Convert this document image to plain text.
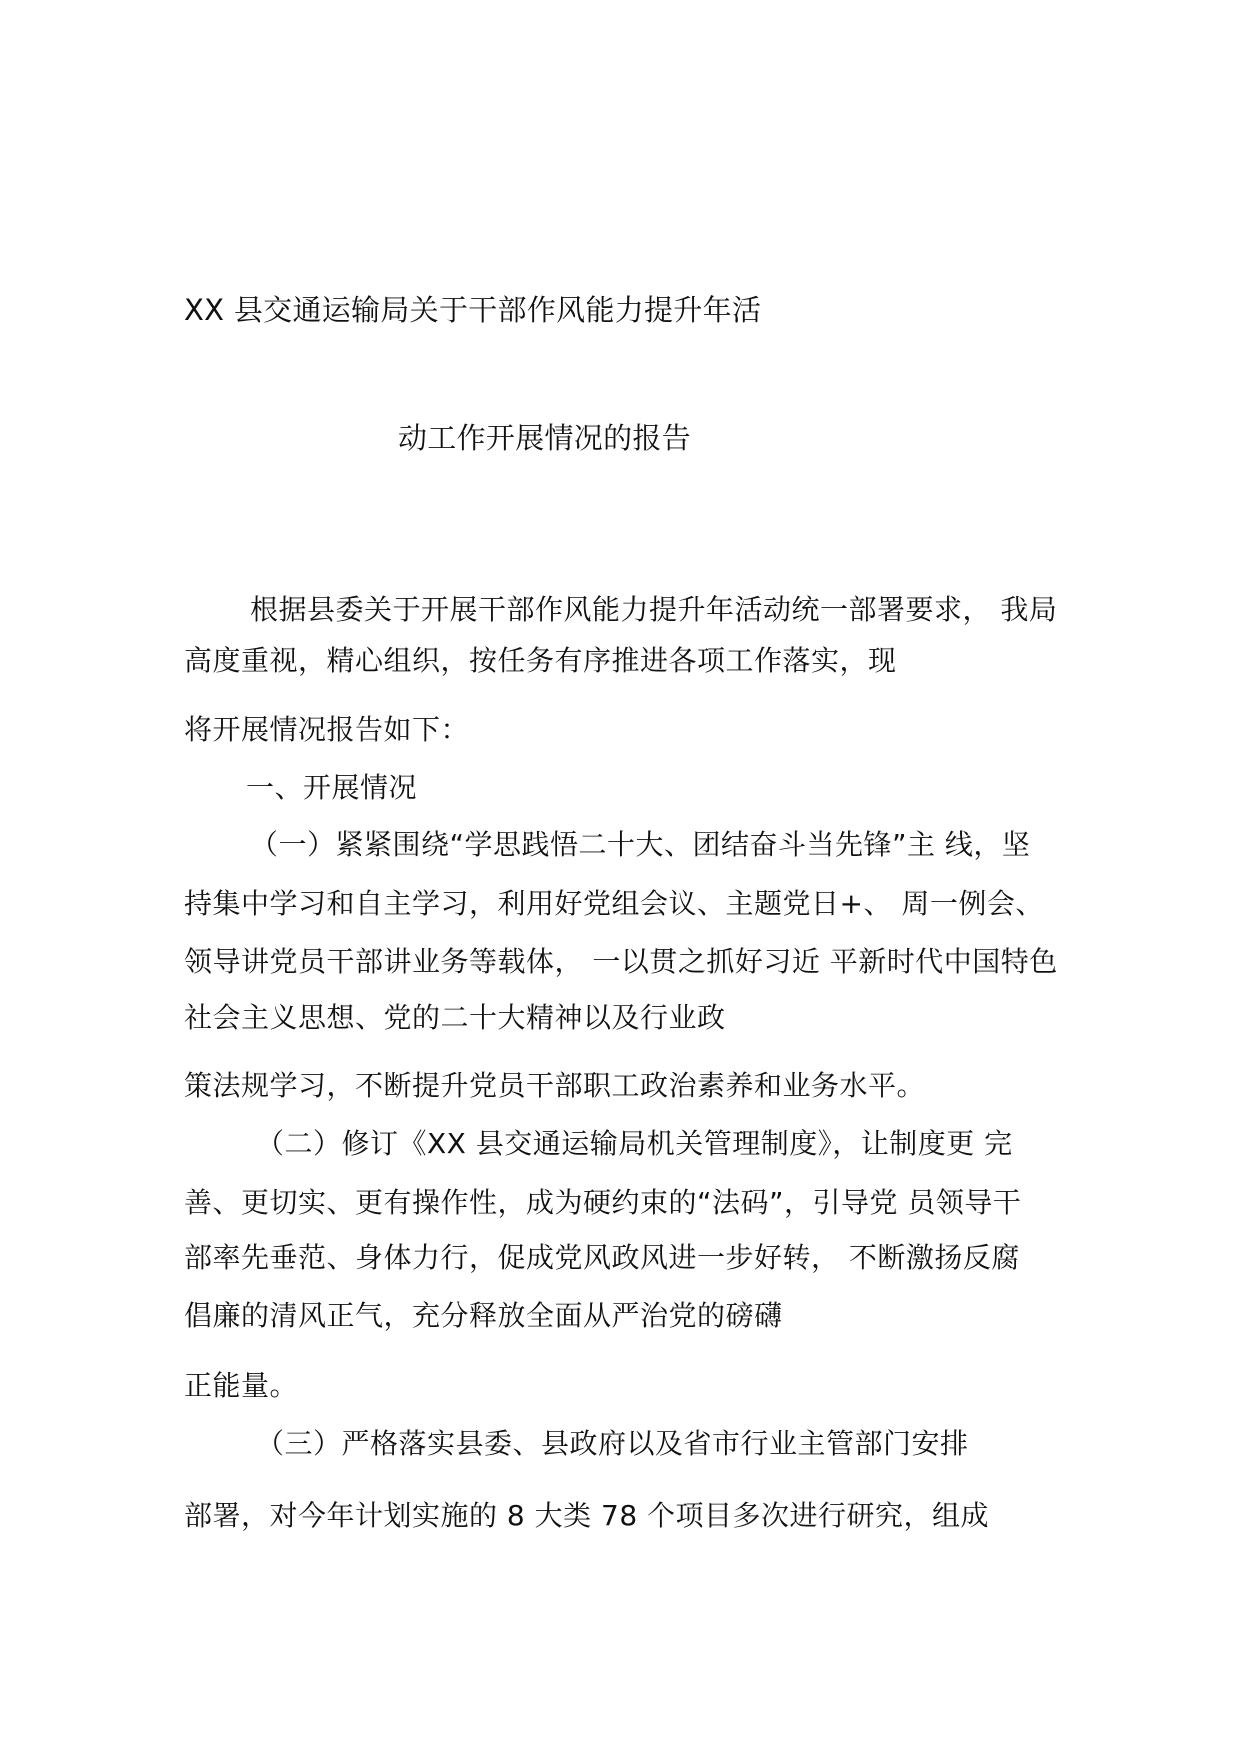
XX 县交通运输局关于干部作风能力提升年活
动工作开展情况的报告
根据县委关于开展干部作风能力提升年活动统一部署要求， 我局
高度重视，精心组织，按任务有序推进各项工作落实，现
将开展情况报告如下：
一、开展情况
（一）紧紧围绕“学思践悟二十大、团结奋斗当先锋”主 线，坚
持集中学习和自主学习，利用好党组会议、主题党日+、 周一例会、
领导讲党员干部讲业务等载体， 一以贯之抓好习近 平新时代中国特色
社会主义思想、党的二十大精神以及行业政
策法规学习，不断提升党员干部职工政治素养和业务水平。
（二）修订《XX 县交通运输局机关管理制度》，让制度更 完
善、更切实、更有操作性，成为硬约束的“法码”，引导党 员领导干
部率先垂范、身体力行，促成党风政风进一步好转， 不断激扬反腐
倡廉的清风正气，充分释放全面从严治党的磅礴
正能量。
（三）严格落实县委、县政府以及省市行业主管部门安排
部署，对今年计划实施的 8 大类 78 个项目多次进行研究，组成
